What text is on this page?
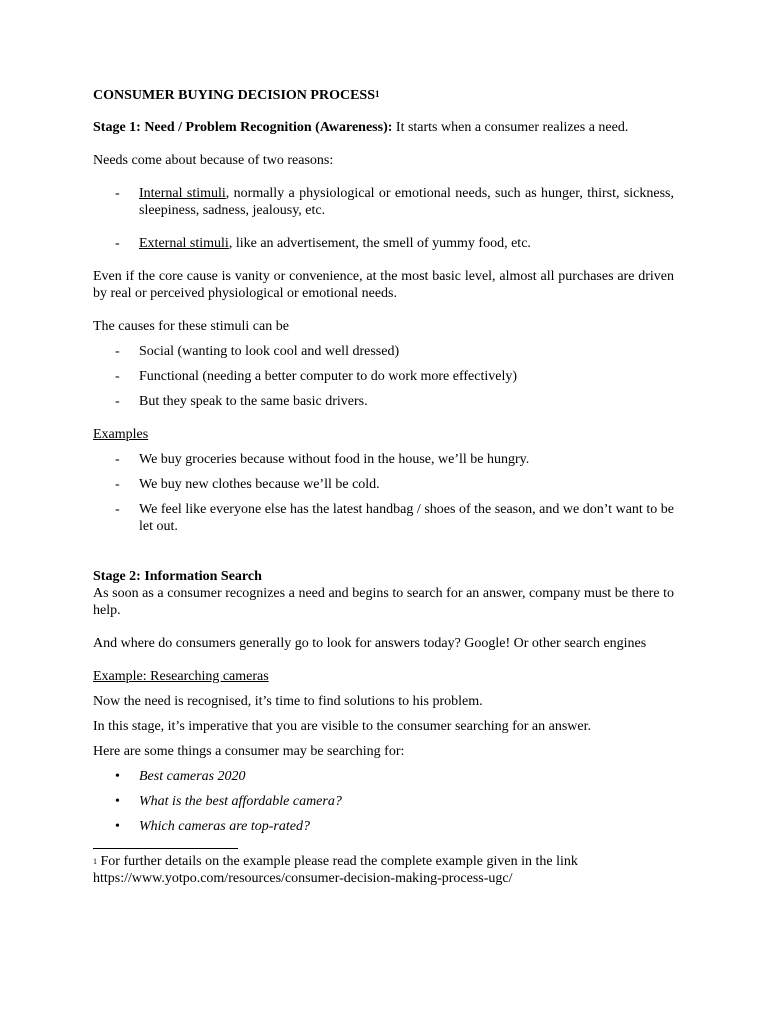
CONSUMER BUYING DECISION PROCESS$^1$

Stage 1: Need / Problem Recognition (Awareness): It starts when a consumer realizes a need.

Needs come about because of two reasons:

- Internal stimuli, normally a physiological or emotional needs, such as hunger, thirst, sickness, sleepiness, sadness, jealousy, etc.
- External stimuli, like an advertisement, the smell of yummy food, etc.

Even if the core cause is vanity or convenience, at the most basic level, almost all purchases are driven by real or perceived physiological or emotional needs.

The causes for these stimuli can be

- Social (wanting to look cool and well dressed)
- Functional (needing a better computer to do work more effectively)
- But they speak to the same basic drivers.

Examples

- We buy groceries because without food in the house, we’ll be hungry.
- We buy new clothes because we’ll be cold.
- We feel like everyone else has the latest handbag / shoes of the season, and we don’t want to be let out.

Stage 2: Information Search

As soon as a consumer recognizes a need and begins to search for an answer, company must be there to help.

And where do consumers generally go to look for answers today? Google! Or other search engines

Example: Researching cameras

Now the need is recognised, it’s time to find solutions to his problem.

In this stage, it’s imperative that you are visible to the consumer searching for an answer.

Here are some things a consumer may be searching for:

• Best cameras 2020
• What is the best affordable camera?
• Which cameras are top-rated?
$^1$ For further details on the example please read the complete example given in the link
https://www.yotpo.com/resources/consumer-decision-making-process-ugc/
